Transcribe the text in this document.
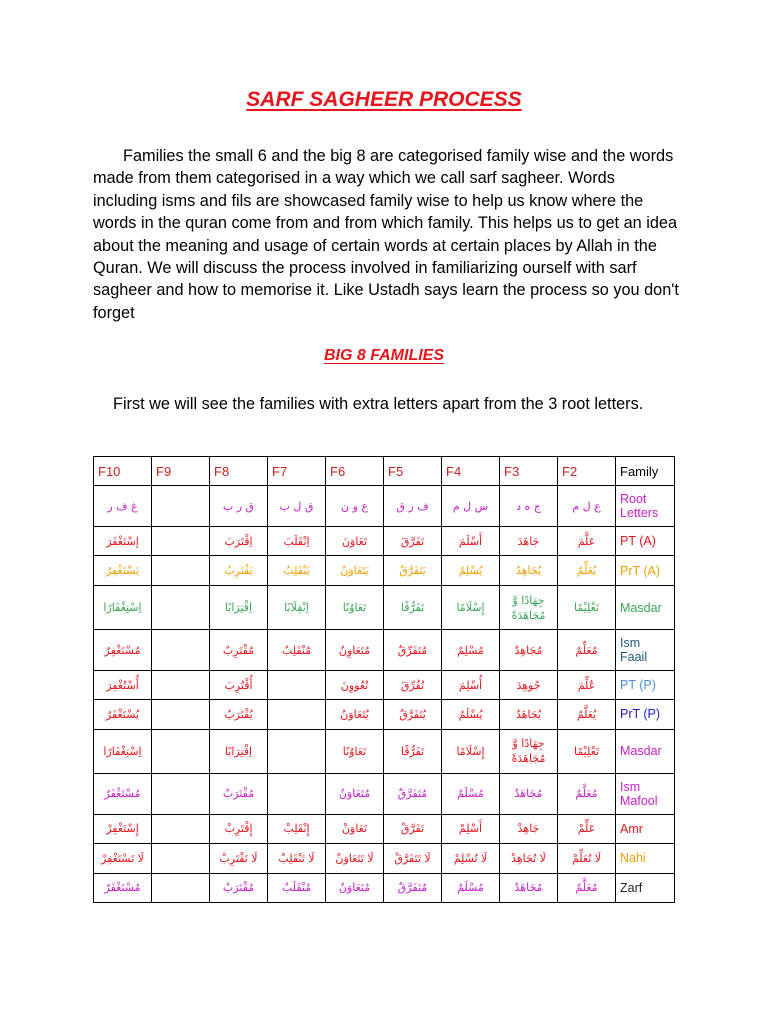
SARF SAGHEER PROCESS

Families the small 6 and the big 8 are categorised family wise and the words made from them categorised in a way which we call sarf sagheer. Words including isms and fils are showcased family wise to help us know where the words in the quran come from and from which family. This helps us to get an idea about the meaning and usage of certain words at certain places by Allah in the Quran. We will discuss the process involved in familiarizing ourself with sarf sagheer and how to memorise it. Like Ustadh says learn the process so you don't forget

BIG 8 FAMILIES

First we will see the families with extra letters apart from the 3 root letters.

F10	F9	F8	F7	F6	F5	F4	F3	F2	Family
غ ف ر		ق ر ب	ق ل ب	ع و ن	ف ر ق	س ل م	ج ه د	ع ل م	Root Letters
إسْتَغْفَرَ		اِقْتَرَبَ	اِنْقَلَبَ	تَعَاوَنَ	تَفَرَّقَ	أَسْلَمَ	جَاهَدَ	عَلَّمَ	PT (A)
يَسْتَغْفِرُ		يَقْتَرِبُ	يَنْقَلِبُ	يَتَعَاوَنُ	يَتَفَرَّقُ	يُسْلِمُ	يُجَاهِدُ	يُعَلِّمُ	PrT (A)
اِسْتِغْفَارًا		اِقْتِرَابًا	اِنْقِلَابًا	تَعَاوُنًا	تَفَرُّقًا	إِسْلَامًا	جِهَادًا وَّ مُجَاهَدَةً	تَعْلِيْمًا	Masdar
مُسْتَغْفِرٌ		مُقْتَرِبٌ	مُنْقَلِبٌ	مُتَعَاوِنٌ	مُتَفَرِّقٌ	مُسْلِمٌ	مُجَاهِدٌ	مُعَلِّمٌ	Ism Faail
أُسْتُغْفِرَ		أُقْتُرِبَ		تُعُووِنَ	تُفُرِّقَ	أُسْلِمَ	جُوهِدَ	عُلِّمَ	PT (P)
يُسْتَغْفَرُ		يُقْتَرَبُ		يُتَعَاوَنُ	يُتَفَرَّقُ	يُسْلَمُ	يُجَاهَدُ	يُعَلَّمُ	PrT (P)
اِسْتِغْفَارًا		اِقْتِرَابًا		تَعَاوُنًا	تَفَرُّقًا	إِسْلَامًا	جِهَادًا وَّ مُجَاهَدَةً	تَعْلِيْمًا	Masdar
مُسْتَغْفَرٌ		مُقْتَرَبٌ		مُتَعَاوَنٌ	مُتَفَرَّقٌ	مُسْلَمٌ	مُجَاهَدٌ	مُعَلَّمٌ	Ism Mafool
إِسْتَغْفِرْ		إِقْتَرِبْ	إِنْقَلِبْ	تَعَاوَنْ	تَفَرَّقْ	أَسْلِمْ	جَاهِدْ	عَلِّمْ	Amr
لَا تَسْتَغْفِرْ		لَا تَقْتَرِبْ	لَا تَنْقَلِبْ	لَا تَتَعَاوَنْ	لَا تَتَفَرَّقْ	لَا تُسْلِمْ	لَا تُجَاهِدْ	لَا تُعَلِّمْ	Nahi
مُسْتَغْفَرٌ		مُقْتَرَبٌ	مُنْقَلَبٌ	مُتَعَاوَنٌ	مُتَفَرَّقٌ	مُسْلَمٌ	مُجَاهَدٌ	مُعَلَّمٌ	Zarf
